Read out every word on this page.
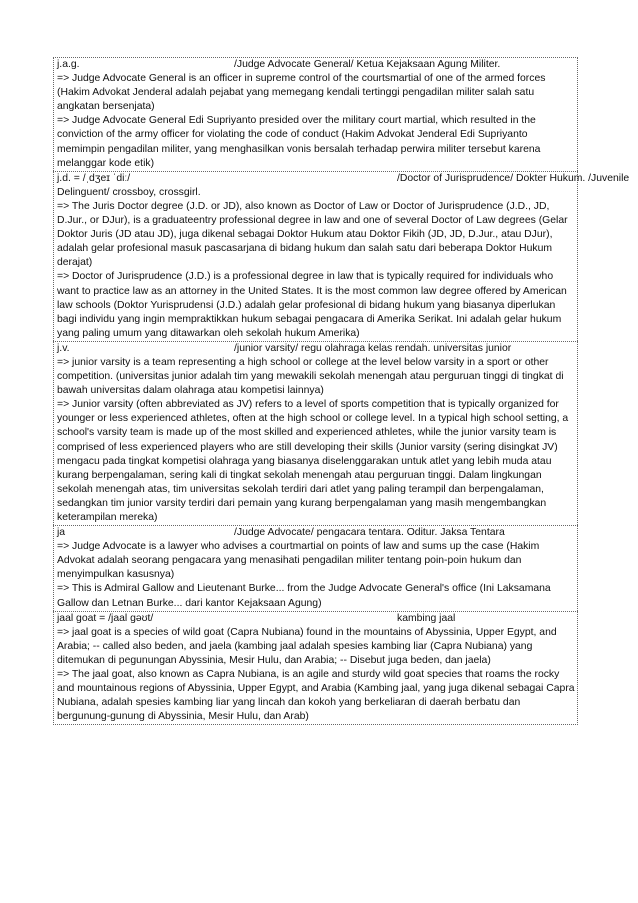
j.a.g.	/Judge Advocate General/ Ketua Kejaksaan Agung Militer.

=> Judge Advocate General is an officer in supreme control of the courtsmartial of one of the armed forces (Hakim Advokat Jenderal adalah pejabat yang memegang kendali tertinggi pengadilan militer salah satu angkatan bersenjata)

=> Judge Advocate General Edi Supriyanto presided over the military court martial, which resulted in the conviction of the army officer for violating the code of conduct (Hakim Advokat Jenderal Edi Supriyanto memimpin pengadilan militer, yang menghasilkan vonis bersalah terhadap perwira militer tersebut karena melanggar kode etik)

j.d. = /ˌdʒeɪ ˈdiː/	/Doctor of Jurisprudence/ Dokter Hukum. /Juvenile

Delinguent/ crossboy, crossgirl.

=> The Juris Doctor degree (J.D. or JD), also known as Doctor of Law or Doctor of Jurisprudence (J.D., JD, D.Jur., or DJur), is a graduateentry professional degree in law and one of several Doctor of Law degrees (Gelar Doktor Juris (JD atau JD), juga dikenal sebagai Doktor Hukum atau Doktor Fikih (JD, JD, D.Jur., atau DJur), adalah gelar profesional masuk pascasarjana di bidang hukum dan salah satu dari beberapa Doktor Hukum derajat)

=> Doctor of Jurisprudence (J.D.) is a professional degree in law that is typically required for individuals who want to practice law as an attorney in the United States. It is the most common law degree offered by American law schools (Doktor Yurisprudensi (J.D.) adalah gelar profesional di bidang hukum yang biasanya diperlukan bagi individu yang ingin mempraktikkan hukum sebagai pengacara di Amerika Serikat. Ini adalah gelar hukum yang paling umum yang ditawarkan oleh sekolah hukum Amerika)

j.v.	/junior varsity/ regu olahraga kelas rendah. universitas junior

=> junior varsity is a team representing a high school or college at the level below varsity in a sport or other competition. (universitas junior adalah tim yang mewakili sekolah menengah atau perguruan tinggi di tingkat di bawah universitas dalam olahraga atau kompetisi lainnya)

=> Junior varsity (often abbreviated as JV) refers to a level of sports competition that is typically organized for younger or less experienced athletes, often at the high school or college level. In a typical high school setting, a school's varsity team is made up of the most skilled and experienced athletes, while the junior varsity team is comprised of less experienced players who are still developing their skills (Junior varsity (sering disingkat JV) mengacu pada tingkat kompetisi olahraga yang biasanya diselenggarakan untuk atlet yang lebih muda atau kurang berpengalaman, sering kali di tingkat sekolah menengah atau perguruan tinggi. Dalam lingkungan sekolah menengah atas, tim universitas sekolah terdiri dari atlet yang paling terampil dan berpengalaman, sedangkan tim junior varsity terdiri dari pemain yang kurang berpengalaman yang masih mengembangkan keterampilan mereka)

ja	/Judge Advocate/ pengacara tentara. Oditur. Jaksa Tentara

=> Judge Advocate is a lawyer who advises a courtmartial on points of law and sums up the case (Hakim Advokat adalah seorang pengacara yang menasihati pengadilan militer tentang poin-poin hukum dan menyimpulkan kasusnya)

=> This is Admiral Gallow and Lieutenant Burke... from the Judge Advocate General's office (Ini Laksamana Gallow dan Letnan Burke... dari kantor Kejaksaan Agung)

jaal goat = /jaal gəʊt/	kambing jaal

=> jaal goat is a species of wild goat (Capra Nubiana) found in the mountains of Abyssinia, Upper Egypt, and Arabia; -- called also beden, and jaela (kambing jaal adalah spesies kambing liar (Capra Nubiana) yang ditemukan di pegunungan Abyssinia, Mesir Hulu, dan Arabia; -- Disebut juga beden, dan jaela)

=> The jaal goat, also known as Capra Nubiana, is an agile and sturdy wild goat species that roams the rocky and mountainous regions of Abyssinia, Upper Egypt, and Arabia (Kambing jaal, yang juga dikenal sebagai Capra Nubiana, adalah spesies kambing liar yang lincah dan kokoh yang berkeliaran di daerah berbatu dan bergunung-gunung di Abyssinia, Mesir Hulu, dan Arab)
